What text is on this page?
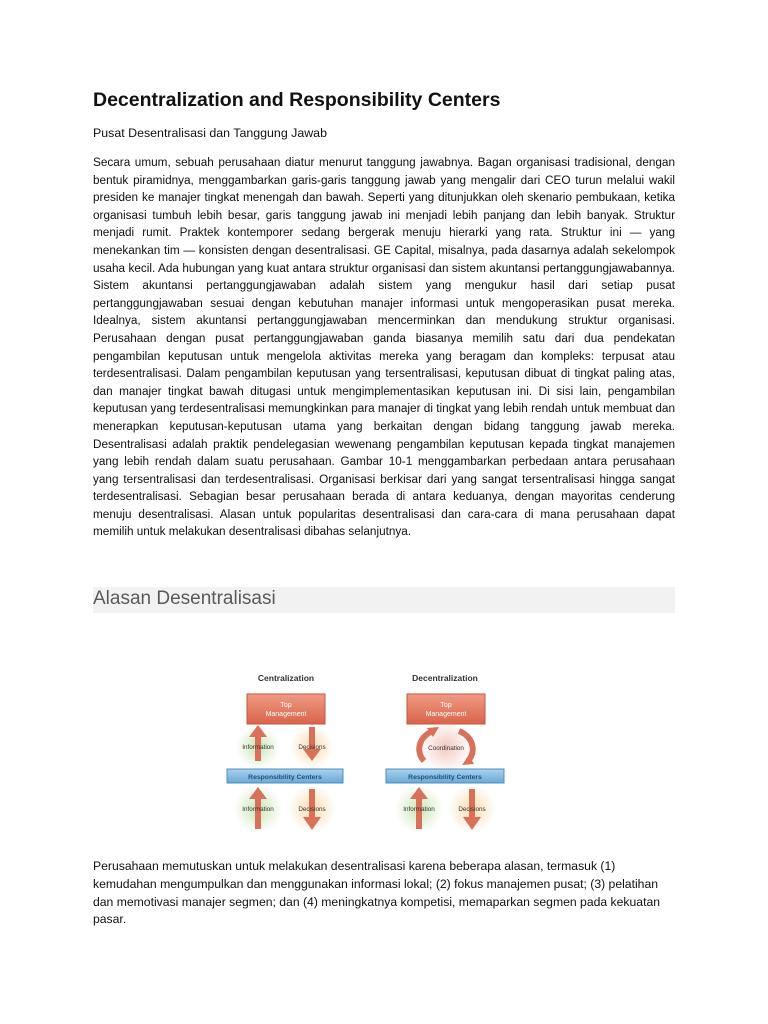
Decentralization and Responsibility Centers
Pusat Desentralisasi dan Tanggung Jawab

Secara umum, sebuah perusahaan diatur menurut tanggung jawabnya. Bagan organisasi tradisional, dengan bentuk piramidnya, menggambarkan garis-garis tanggung jawab yang mengalir dari CEO turun melalui wakil presiden ke manajer tingkat menengah dan bawah. Seperti yang ditunjukkan oleh skenario pembukaan, ketika organisasi tumbuh lebih besar, garis tanggung jawab ini menjadi lebih panjang dan lebih banyak. Struktur menjadi rumit. Praktek kontemporer sedang bergerak menuju hierarki yang rata. Struktur ini — yang menekankan tim — konsisten dengan desentralisasi. GE Capital, misalnya, pada dasarnya adalah sekelompok usaha kecil. Ada hubungan yang kuat antara struktur organisasi dan sistem akuntansi pertanggungjawabannya. Sistem akuntansi pertanggungjawaban adalah sistem yang mengukur hasil dari setiap pusat pertanggungjawaban sesuai dengan kebutuhan manajer informasi untuk mengoperasikan pusat mereka. Idealnya, sistem akuntansi pertanggungjawaban mencerminkan dan mendukung struktur organisasi. Perusahaan dengan pusat pertanggungjawaban ganda biasanya memilih satu dari dua pendekatan pengambilan keputusan untuk mengelola aktivitas mereka yang beragam dan kompleks: terpusat atau terdesentralisasi. Dalam pengambilan keputusan yang tersentralisasi, keputusan dibuat di tingkat paling atas, dan manajer tingkat bawah ditugasi untuk mengimplementasikan keputusan ini. Di sisi lain, pengambilan keputusan yang terdesentralisasi memungkinkan para manajer di tingkat yang lebih rendah untuk membuat dan menerapkan keputusan-keputusan utama yang berkaitan dengan bidang tanggung jawab mereka. Desentralisasi adalah praktik pendelegasian wewenang pengambilan keputusan kepada tingkat manajemen yang lebih rendah dalam suatu perusahaan. Gambar 10-1 menggambarkan perbedaan antara perusahaan yang tersentralisasi dan terdesentralisasi. Organisasi berkisar dari yang sangat tersentralisasi hingga sangat terdesentralisasi. Sebagian besar perusahaan berada di antara keduanya, dengan mayoritas cenderung menuju desentralisasi. Alasan untuk popularitas desentralisasi dan cara-cara di mana perusahaan dapat memilih untuk melakukan desentralisasi dibahas selanjutnya.

Alasan Desentralisasi
Centralization
Top
Management
Information	Decisions
Responsibility Centers
Information	Decisions
Decentralization
Top
Management
Coordination
Responsibility Centers
Information	Decisions

Perusahaan memutuskan untuk melakukan desentralisasi karena beberapa alasan, termasuk (1) kemudahan mengumpulkan dan menggunakan informasi lokal; (2) fokus manajemen pusat; (3) pelatihan dan memotivasi manajer segmen; dan (4) meningkatnya kompetisi, memaparkan segmen pada kekuatan pasar.
